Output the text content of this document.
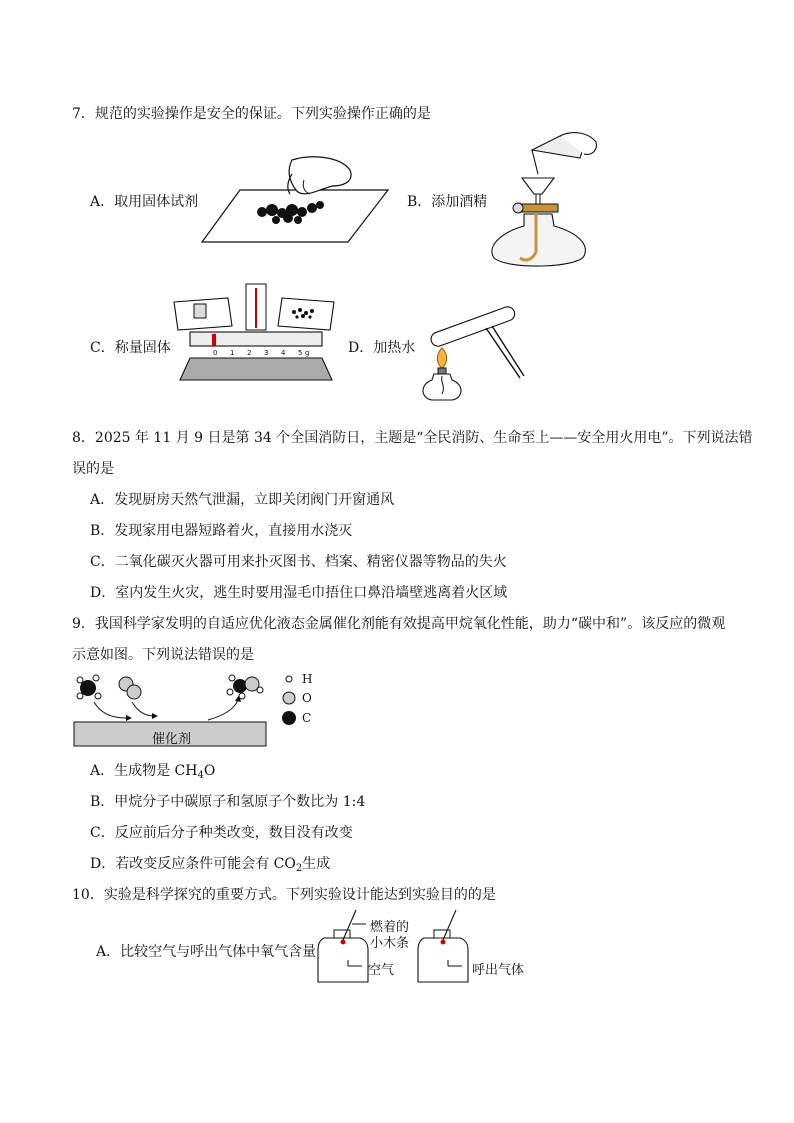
7．规范的实验操作是安全的保证。下列实验操作正确的是
A．取用固体试剂	B．添加酒精
C．称量固体	0 1 2 3 4 5 g	D．加热水
8．2025 年 11 月 9 日是第 34 个全国消防日，主题是“全民消防、生命至上——安全用火用电”。下列说法错
误的是
A．发现厨房天然气泄漏，立即关闭阀门开窗通风
B．发现家用电器短路着火，直接用水浇灭
C．二氧化碳灭火器可用来扑灭图书、档案、精密仪器等物品的失火
D．室内发生火灾，逃生时要用湿毛巾捂住口鼻沿墙壁逃离着火区域
9．我国科学家发明的自适应优化液态金属催化剂能有效提高甲烷氧化性能，助力“碳中和”。该反应的微观
示意如图。下列说法错误的是
催化剂
H
O
C
A．生成物是 $CH_4O$
B．甲烷分子中碳原子和氢原子个数比为 1:4
C．反应前后分子种类改变，数目没有改变
D．若改变反应条件可能会有 $CO_2$生成
10．实验是科学探究的重要方式。下列实验设计能达到实验目的的是
A．比较空气与呼出气体中氧气含量
燃着的
小木条
空气	呼出气体
